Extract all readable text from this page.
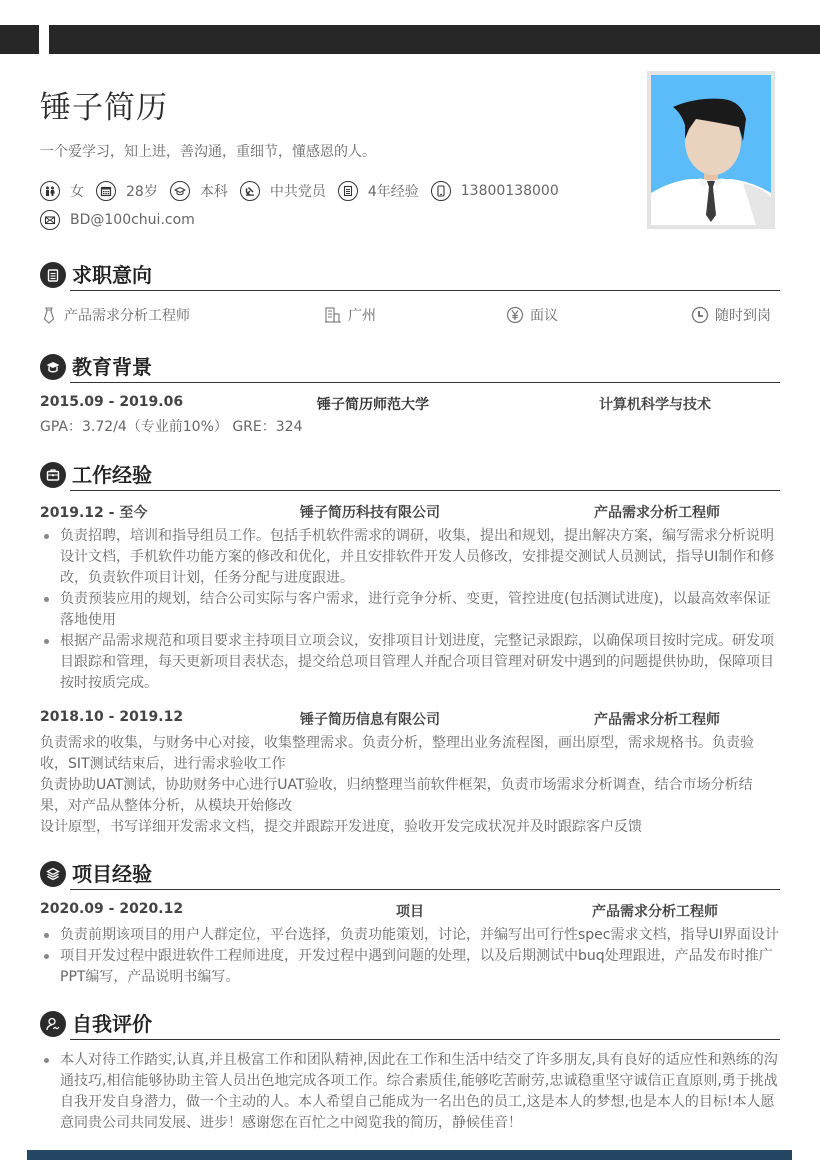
锤子简历
一个爱学习，知上进，善沟通，重细节，懂感恩的人。
女	28岁	本科	中共党员	4年经验	13800138000
BD@100chui.com
求职意向
产品需求分析工程师	广州	面议	随时到岗
教育背景
2015.09 - 2019.06	锤子简历师范大学	计算机科学与技术
GPA：3.72/4（专业前10%） GRE：324
工作经验
2019.12 - 至今	锤子简历科技有限公司	产品需求分析工程师
负责招聘，培训和指导组员工作。包括手机软件需求的调研，收集，提出和规划，提出解决方案，编写需求分析说明设计文档，手机软件功能方案的修改和优化，并且安排软件开发人员修改，安排提交测试人员测试，指导UI制作和修改，负责软件项目计划，任务分配与进度跟进。
负责预装应用的规划，结合公司实际与客户需求，进行竞争分析、变更，管控进度(包括测试进度)，以最高效率保证落地使用
根据产品需求规范和项目要求主持项目立项会议，安排项目计划进度，完整记录跟踪，以确保项目按时完成。研发项目跟踪和管理，每天更新项目表状态，提交给总项目管理人并配合项目管理对研发中遇到的问题提供协助，保障项目按时按质完成。
2018.10 - 2019.12	锤子简历信息有限公司	产品需求分析工程师
负责需求的收集，与财务中心对接，收集整理需求。负责分析，整理出业务流程图，画出原型，需求规格书。负责验收，SIT测试结束后，进行需求验收工作
负责协助UAT测试，协助财务中心进行UAT验收，归纳整理当前软件框架，负责市场需求分析调查，结合市场分析结果，对产品从整体分析，从模块开始修改
设计原型，书写详细开发需求文档，提交并跟踪开发进度，验收开发完成状况并及时跟踪客户反馈
项目经验
2020.09 - 2020.12	项目	产品需求分析工程师
负责前期该项目的用户人群定位，平台选择，负责功能策划，讨论，并编写出可行性spec需求文档，指导UI界面设计
项目开发过程中跟进软件工程师进度，开发过程中遇到问题的处理，以及后期测试中buq处理跟进，产品发布时推广PPT编写，产品说明书编写。
自我评价
本人对待工作踏实,认真,并且极富工作和团队精神,因此在工作和生活中结交了许多朋友,具有良好的适应性和熟练的沟通技巧,相信能够协助主管人员出色地完成各项工作。综合素质佳,能够吃苦耐劳,忠诚稳重坚守诚信正直原则,勇于挑战自我开发自身潜力，做一个主动的人。本人希望自己能成为一名出色的员工,这是本人的梦想,也是本人的目标!本人愿意同贵公司共同发展、进步！感谢您在百忙之中阅览我的简历，静候佳音！
